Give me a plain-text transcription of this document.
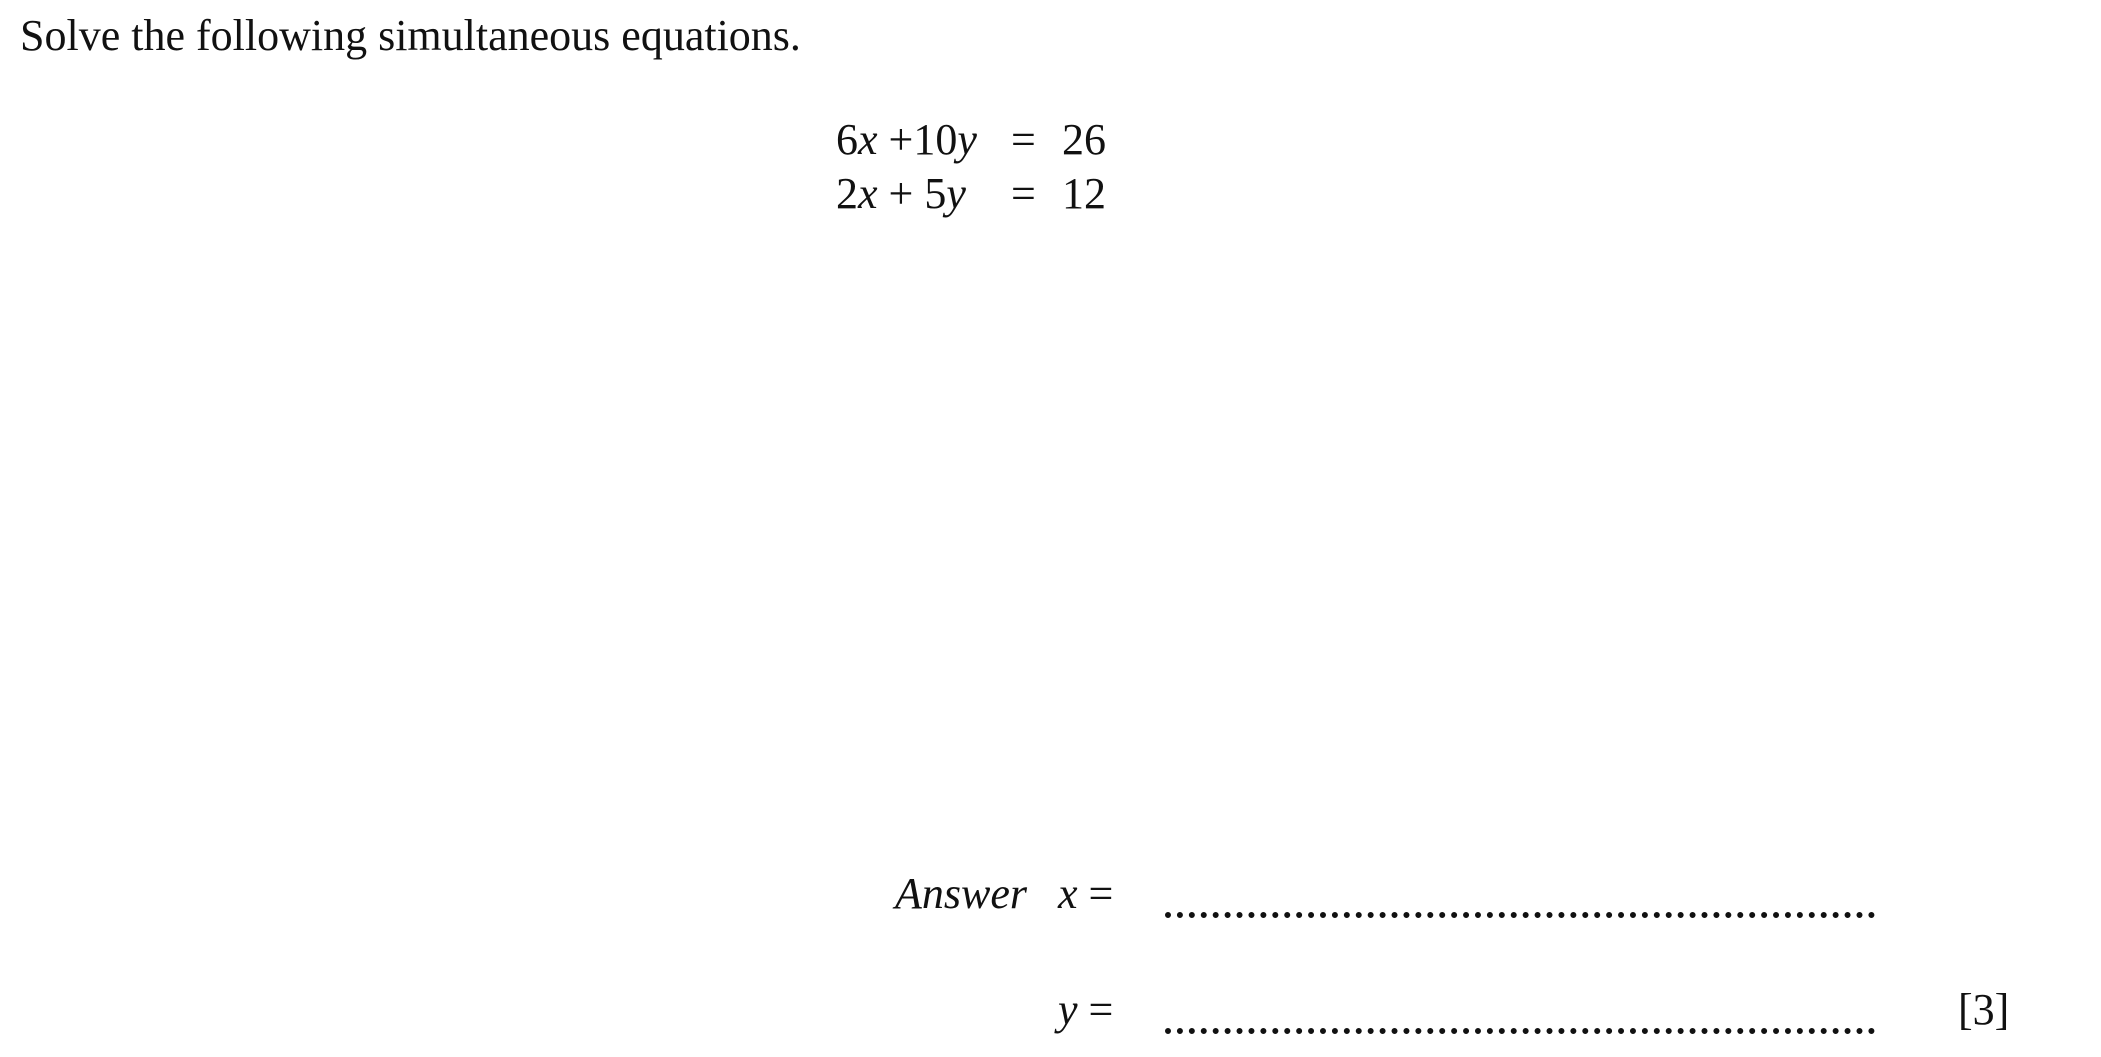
Solve the following simultaneous equations.
6x +10y = 26
2x + 5y = 12
Answer x =
y =	[3]
